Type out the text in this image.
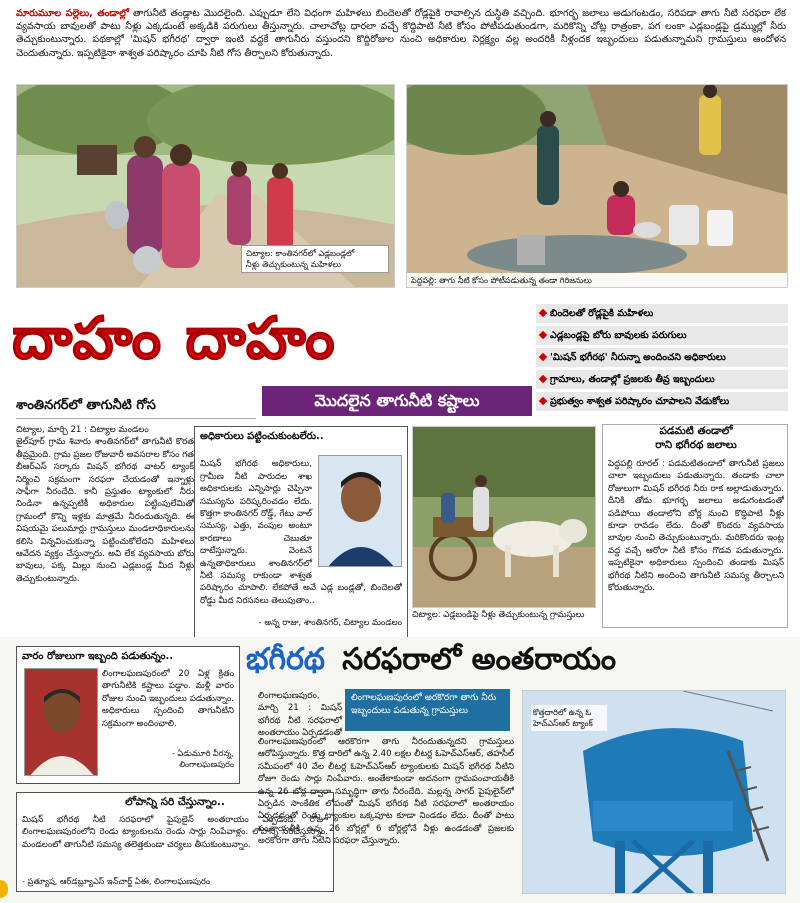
మారుమూల పల్లెలు, తండాల్లో తాగునీటి తండ్లాట మొదలైంది. ఎప్పుడూ లేని విధంగా మహిళలు బిందెలతో రోడ్లపైకి రావాల్సిన దుస్థితి వచ్చింది. భూగర్భ జలాలు అడుగంటడం, సరిపడా తాగు నీటి సరఫరా లేక వ్యవసాయ బావులతో పాటు నీళ్లు ఎక్కడుంటే అక్కడికి పరుగులు తీస్తున్నారు. చాలాచోట్ల ధారలా వచ్చే కొద్దిపాటి నీటి కోసం పోటీపడుతుండగా, మరికొన్ని చోట్ల రాత్రంకా, పగ లంకా ఎడ్లబండ్లపై డ్రమ్ముల్లో నీరు తెచ్చుకుంటున్నారు. పథకాల్లో 'మిషన్ భగీరథ' ద్వారా ఇంటి వద్దకే తాగునీరు వస్తుందని కొద్దిరోజుల నుంచి అధికారుల నిర్లక్ష్యం వల్ల అందరికీ నీళ్లందక ఇబ్బందులు పడుతున్నామని గ్రామస్తులు ఆందోళన చెందుతున్నారు. ఇప్పటికైనా శాశ్వత పరిష్కారం చూపి నీటి గోస తీర్చాలని కోరుతున్నారు.
చిట్యాల: కాంతినగర్‌లో ఎడ్లబండ్లలో
నీళ్లు తెచ్చుకుంటున్న మహిళలు
పెద్దపల్లి: తాగు నీటి కోసం పోటీపడుతున్న తండా గిరిజనులు
దాహం దాహం	బిందెలతో రోడ్లపైకి మహిళలు
ఎడ్లబండ్లపై బోరు బావులకు పరుగులు
'మిషన్ భగీరథ' నీరున్నా అందించని అధికారులు
గ్రామాలు, తండాల్లో ప్రజలకు తీవ్ర ఇబ్బందులు
ప్రభుత్వం శాశ్వత పరిష్కారం చూపాలని వేడుకోలు
మొదలైన తాగునీటి కష్టాలు
శాంతినగర్‌లో తాగునీటి గోస
చిట్యాల, మార్చి 21 : చిట్యాల మండలం
జైల్‌పూర్ గ్రామ శివారు శాంతినగర్‌లో తాగునీటి కొరత తీవ్రమైంది. గ్రామ ప్రజల రోజువారీ అవసరాల కోసం గత బీఆర్ఎస్ సర్కారు మిషన్ భగీరథ వాటర్ ట్యాంక్ నిర్మించి సక్రమంగా సరఫరా చేయడంతో ఇన్నాళ్లు సాఫీగా నీరందేది. కానీ ప్రస్తుతం ట్యాంకులో నీరు నిండినా ఉన్నప్పటికీ అధికారుల పట్టింపులేమితో గ్రామంలో కొన్ని ఇళ్లకు మాత్రమే నీరందుతున్నది. ఈ విషయమై పలుమార్లు గ్రామస్తులు మండలాధికారులను కలిసి విన్నవించుకున్నా పట్టించుకోలేదని మహిళలు ఆవేదన వ్యక్తం చేస్తున్నారు. అవి లేక వ్యవసాయ బోరు బావులు, పక్క మిల్లు నుంచి ఎడ్లబండ్ల మీద నీళ్లు తెచ్చుకుంటున్నారు.
అధికారులు పట్టించుకుంటలేరు..

మిషన్ భగీరథ అధికారులు, గ్రామీణ నీటి పారుదల శాఖ అధికారులకు ఎన్నిసార్లు చెప్పినా సమస్యను పరిష్కరించడం లేదు. కొత్తగా కాంతినగర్ రోడ్డ్, గేటు వాల్ సమస్య, ఎత్తు, వంపుల అంటూ కారణాలు చెబుతూ దాటేస్తున్నారు. వెంటనే ఉన్నతాధికారులు శాంతినగర్‌లో నీటి సమస్య రాకుండా శాశ్వత పరిష్కారం చూపాలి. లేకపోతే అవే ఎడ్ల బండ్లతో, బిందెలతో రోడ్డు మీద నిరసనలు తెలుపుతాం..

- అన్న రాజు, శాంతినగర్, చిట్యాల మండలం
చిట్యాల: ఎడ్లబండిపై నీళ్లు తెచ్చుకుంటున్న గ్రామస్తులు
పడమటి తండాలో
రాని భగీరథ జలాలు
పెద్దపల్లి రూరల్ : పడమటితండాలో తాగునీటి ప్రజలు చాలా ఇబ్బందులు పడుతున్నారు. తండాకు చాలా రోజులుగా మిషన్ భగీరథ నీరు రాక అల్లాడుతున్నారు. దీనికి తోడు భూగర్భ జలాలు అడుగంటడంతో పడిపోయి తండాలోని బోర్ల నుంచి కొద్దిపాటి నీళ్లు కూడా రావడం లేదు. దీంతో కొందరు వ్యవసాయ బావుల నుంచి తెచ్చుకుంటున్నారు. మరికొందరు ఇంట్ల వద్ద వచ్చే ఆరోరా నీటి కోసం గొడవ పడుతున్నారు. ఇప్పటికైనా అధికారులు స్పందించి తండాకు మిషన్ భగీరథ నీటిని అందించి తాగునీటి సమస్య తీర్చాలని కోరుతున్నారు.
వారం రోజులుగా ఇబ్బంది పడుతున్నం..
లింగాలఘణపురంలో 20 ఏళ్ల క్రితం తాగునీటికి కష్టాలు పడ్డాం. మళ్లీ వారం రోజుల నుంచి ఇబ్బందులు పడుతున్నాం. అధికారులు స్పందించి తాగునీటిని సక్రమంగా అందించాలి.
- ఏడుమూరి వీరన్న,
లింగాలఘణపురం
లోపాన్ని సరి చేస్తున్నాం..
మిషన్ భగీరథ నీటి సరఫరాలో పైపులైన్ అంతరాయం ఏర్పడింది. రోజూ లింగాలఘణపురంలోని రెండు ట్యాంకులను రెండు సార్లు నింపేవాళ్లం. లోపాన్ని సరిచేస్తున్నాం. మండలంలో తాగునీటి సమస్య తలెత్తకుండా చర్యలు తీసుకుంటున్నాం.
- ప్రత్యూష, ఆర్‌డబ్ల్యూఎస్ ఇన్‌చార్జ్ ఏఈ, లింగాలఘణపురం
భగీరథ సరఫరాలో అంతరాయం
లింగాలఘణపురం, మార్చి 21 : మిషన్ భగీరథ నీటి సరఫరాలో అంతరాయం ఏర్పడడంతో
లింగాలఘణపురంలో అరకొరగా తాగు నీరు
ఇబ్బందులు పడుతున్న గ్రామస్తులు
లింగాలఘణపురంలో ఆరకొరగా తాగు నీరందుతున్నదని గ్రామస్తులు ఆరోపిస్తున్నారు. కొత్త దారిలో ఉన్న 2.40 లక్షల లీటర్ల ఓహెచ్ఎస్ఆర్, తహసీల్ సమీపంలో 40 వేల లీటర్ల ఓహెచ్ఎస్ఆర్ ట్యాంకులకు మిషన్ భగీరథ నీటిని రోజూ రెండు సార్లు నింపేవారు. అంతేకాకుండా అదనంగా గ్రామపంచాయతీకి ఉన్న 26 బోర్ల ద్వారా సమృద్ధిగా తాగు నీరందేది. మల్లన్న సాగర్ పైపులైన్‌లో ఏర్పడిన సాంకేతిక లోపంతో మిషన్ భగీరథ నీటి సరఫరాలో అంతరాయం ఏర్పడడంతో రెండు ట్యాంకుల ఒక్కపూట కూడా నిండడం లేదు. దీంతో పాటు పంచాయతీకి ఉన్న 26 బోర్లల్లో 6 బోర్లల్లోనే నీళ్లు ఉండడంతో ప్రజలకు అరకొరగా తాగు నీటిని సరఫరా చేస్తున్నారు.
కొత్తదారిలో ఉన్న ఓ హెచ్ఎస్ఆర్ ట్యాంక్
